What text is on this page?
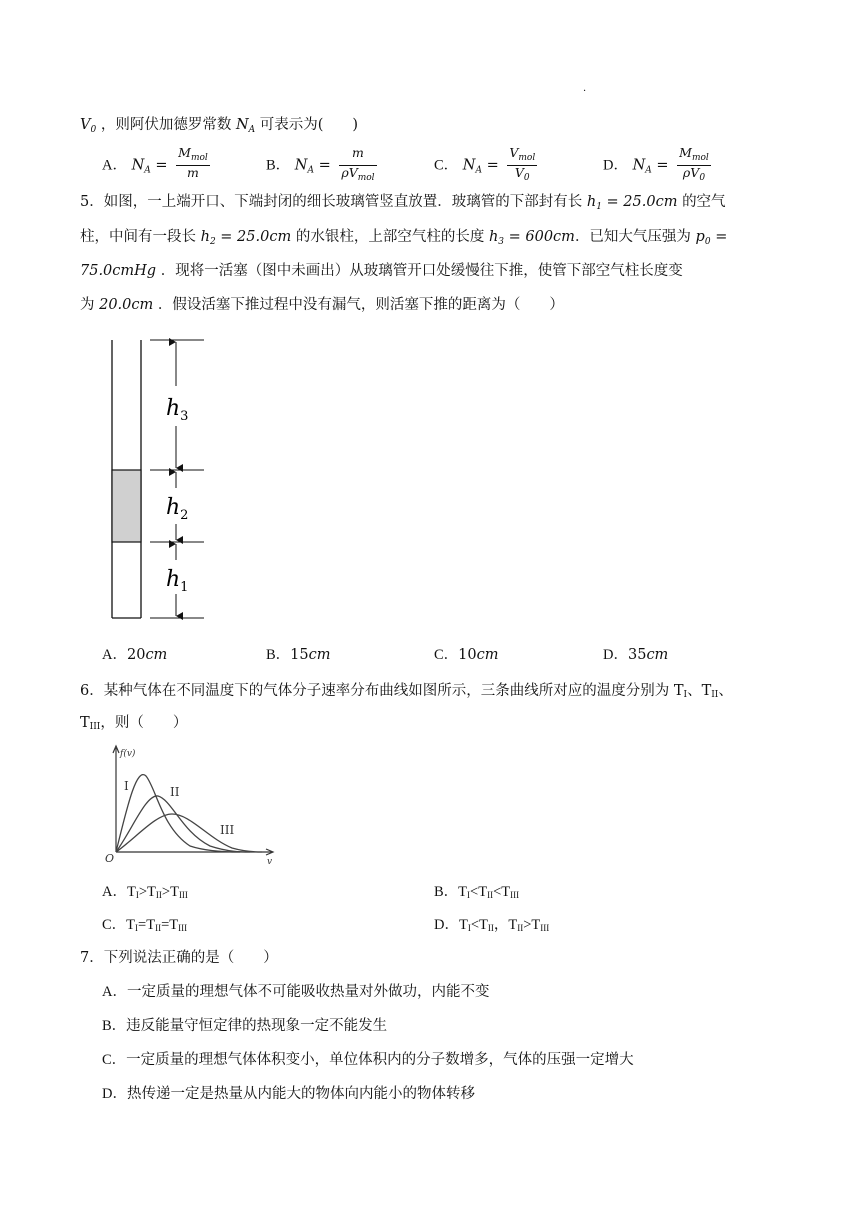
·
$V_0$ ，则阿伏加德罗常数 $N_A$ 可表示为(　　)
A． $N_A = \frac{M_{mol}}{m}$	B． $N_A = \frac{m}{\rho V_{mol}}$	C． $N_A = \frac{V_{mol}}{V_0}$	D． $N_A = \frac{M_{mol}}{\rho V_0}$
5．如图，一上端开口、下端封闭的细长玻璃管竖直放置．玻璃管的下部封有长 $h_1 = 25.0cm$ 的空气
柱，中间有一段长 $h_2 = 25.0cm$ 的水银柱，上部空气柱的长度 $h_3 = 600cm$．已知大气压强为 $p_0$ =
75.0cmHg ．现将一活塞（图中未画出）从玻璃管开口处缓慢往下推，使管下部空气柱长度变
为 20.0cm ．假设活塞下推过程中没有漏气，则活塞下推的距离为（　　）
$h_3$
$h_2$
$h_1$
A．20cm	B．15cm	C．10cm	D．35cm
6．某种气体在不同温度下的气体分子速率分布曲线如图所示，三条曲线所对应的温度分别为 TI、TII、
TIII，则（　　）
f(v)
O	v
I	II
III
A．TI>TII>TIII	B．TI<TII<TIII
C．TI=TII=TIII	D．TI<TII，TII>TIII
7．下列说法正确的是（　　）
A．一定质量的理想气体不可能吸收热量对外做功，内能不变
B．违反能量守恒定律的热现象一定不能发生
C．一定质量的理想气体体积变小，单位体积内的分子数增多，气体的压强一定增大
D．热传递一定是热量从内能大的物体向内能小的物体转移
